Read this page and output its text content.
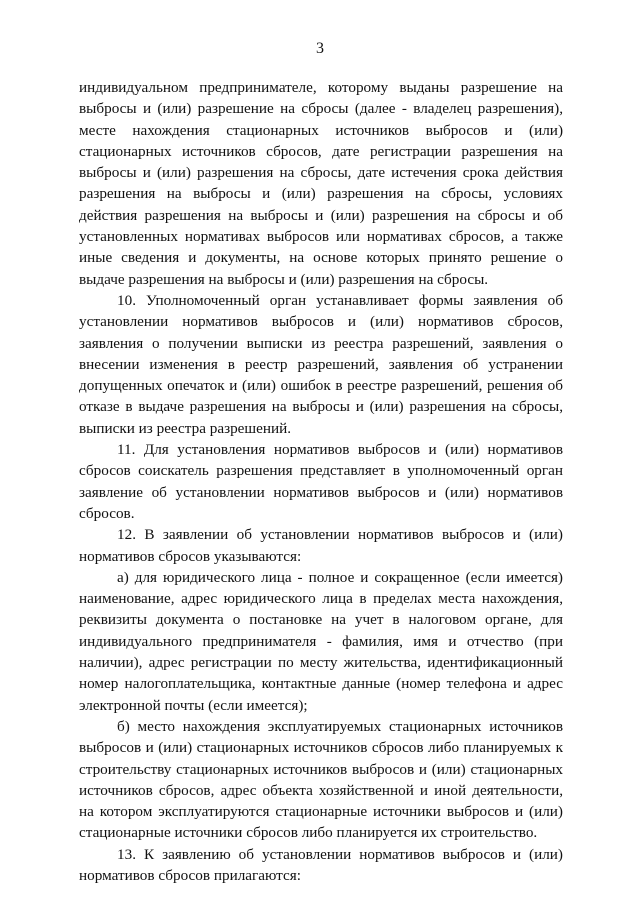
3

индивидуальном предпринимателе, которому выданы разрешение на выбросы и (или) разрешение на сбросы (далее - владелец разрешения), месте нахождения стационарных источников выбросов и (или) стационарных источников сбросов, дате регистрации разрешения на выбросы и (или) разрешения на сбросы, дате истечения срока действия разрешения на выбросы и (или) разрешения на сбросы, условиях действия разрешения на выбросы и (или) разрешения на сбросы и об установленных нормативах выбросов или нормативах сбросов, а также иные сведения и документы, на основе которых принято решение о выдаче разрешения на выбросы и (или) разрешения на сбросы.

10. Уполномоченный орган устанавливает формы заявления об установлении нормативов выбросов и (или) нормативов сбросов, заявления о получении выписки из реестра разрешений, заявления о внесении изменения в реестр разрешений, заявления об устранении допущенных опечаток и (или) ошибок в реестре разрешений, решения об отказе в выдаче разрешения на выбросы и (или) разрешения на сбросы, выписки из реестра разрешений.

11. Для установления нормативов выбросов и (или) нормативов сбросов соискатель разрешения представляет в уполномоченный орган заявление об установлении нормативов выбросов и (или) нормативов сбросов.

12. В заявлении об установлении нормативов выбросов и (или) нормативов сбросов указываются:

а) для юридического лица - полное и сокращенное (если имеется) наименование, адрес юридического лица в пределах места нахождения, реквизиты документа о постановке на учет в налоговом органе, для индивидуального предпринимателя - фамилия, имя и отчество (при наличии), адрес регистрации по месту жительства, идентификационный номер налогоплательщика, контактные данные (номер телефона и адрес электронной почты (если имеется);

б) место нахождения эксплуатируемых стационарных источников выбросов и (или) стационарных источников сбросов либо планируемых к строительству стационарных источников выбросов и (или) стационарных источников сбросов, адрес объекта хозяйственной и иной деятельности, на котором эксплуатируются стационарные источники выбросов и (или) стационарные источники сбросов либо планируется их строительство.

13. К заявлению об установлении нормативов выбросов и (или) нормативов сбросов прилагаются:
